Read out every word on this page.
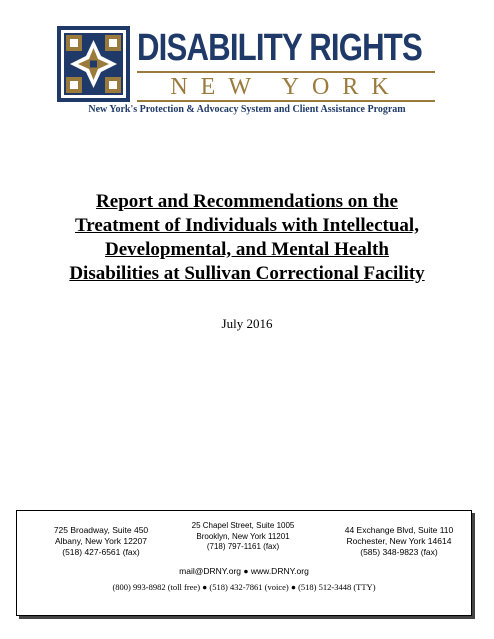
DISABILITY RIGHTS
NEW YORK
New York's Protection & Advocacy System and Client Assistance Program
Report and Recommendations on the
Treatment of Individuals with Intellectual,
Developmental, and Mental Health
Disabilities at Sullivan Correctional Facility
July 2016
725 Broadway, Suite 450
Albany, New York 12207
(518) 427-6561 (fax)
25 Chapel Street, Suite 1005
Brooklyn, New York 11201
(718) 797-1161 (fax)
44 Exchange Blvd, Suite 110
Rochester, New York 14614
(585) 348-9823 (fax)
mail@DRNY.org ● www.DRNY.org
(800) 993-8982 (toll free) ● (518) 432-7861 (voice) ● (518) 512-3448 (TTY)
